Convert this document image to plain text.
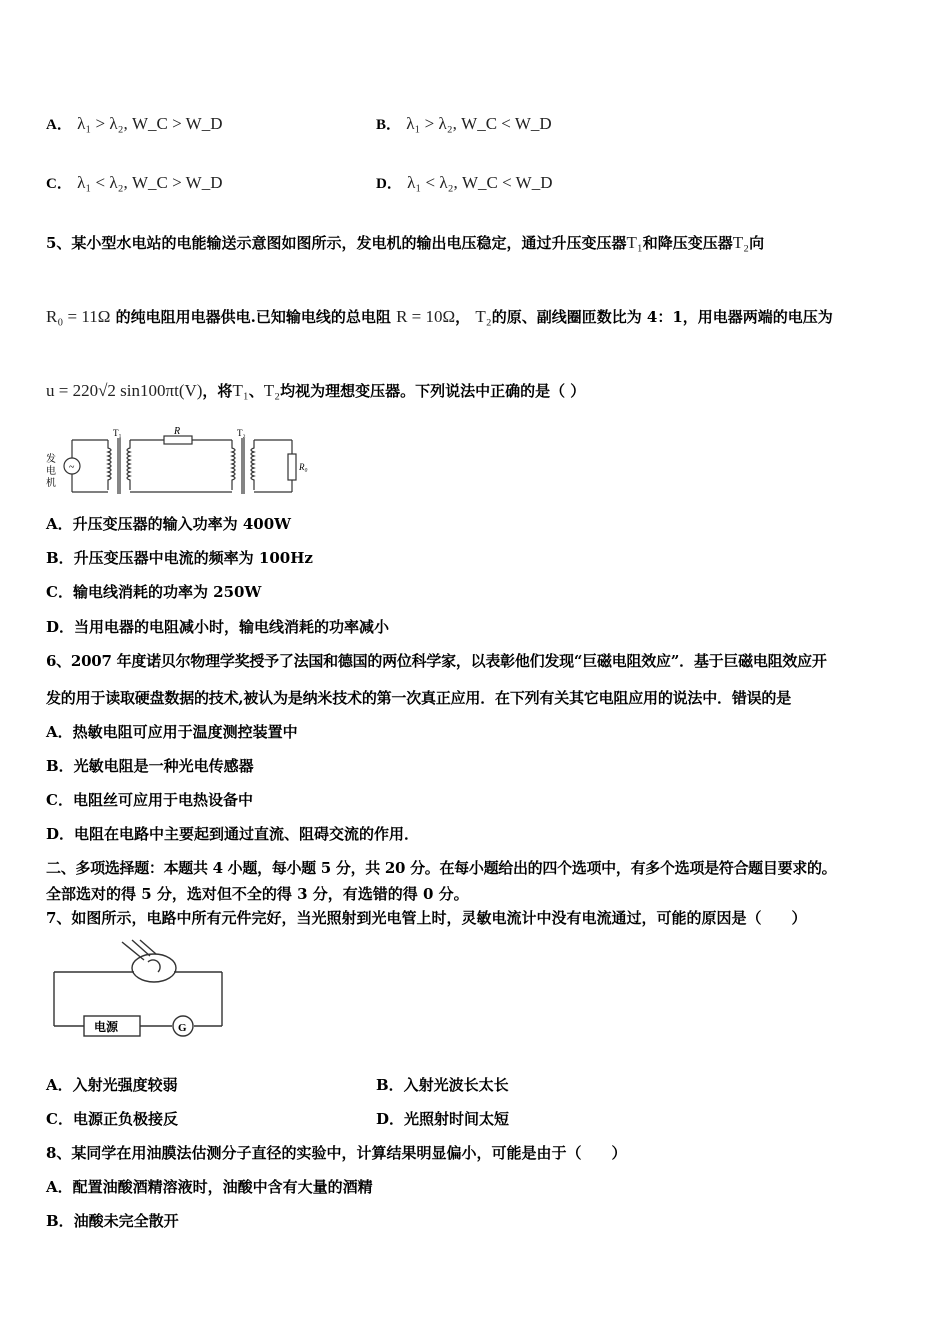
A． λ₁ > λ₂, W_C > W_D	B． λ₁ > λ₂, W_C < W_D
C． λ₁ < λ₂, W_C > W_D	D． λ₁ < λ₂, W_C < W_D
5、某小型水电站的电能输送示意图如图所示，发电机的输出电压稳定，通过升压变压器T₁和降压变压器T₂向
R₀ = 11Ω 的纯电阻用电器供电.已知输电线的总电阻 R = 10Ω， T₂的原、副线圈匝数比为 4：1，用电器两端的电压为
u = 220√2 sin100πt(V)，将T₁、T₂均视为理想变压器。下列说法中正确的是（ ）
~
发
电
机
T₁	T₂
R
R₀
A．升压变压器的输入功率为 400W
B．升压变压器中电流的频率为 100Hz
C．输电线消耗的功率为 250W
D．当用电器的电阻减小时，输电线消耗的功率减小
6、2007 年度诺贝尔物理学奖授予了法国和德国的两位科学家，以表彰他们发现“巨磁电阻效应”．基于巨磁电阻效应开
发的用于读取硬盘数据的技术,被认为是纳米技术的第一次真正应用．在下列有关其它电阻应用的说法中．错误的是
A．热敏电阻可应用于温度测控装置中
B．光敏电阻是一种光电传感器
C．电阻丝可应用于电热设备中
D．电阻在电路中主要起到通过直流、阻碍交流的作用．
二、多项选择题：本题共 4 小题，每小题 5 分，共 20 分。在每小题给出的四个选项中，有多个选项是符合题目要求的。
全部选对的得 5 分，选对但不全的得 3 分，有选错的得 0 分。
7、如图所示，电路中所有元件完好，当光照射到光电管上时，灵敏电流计中没有电流通过，可能的原因是（　　）
电源	G
A．入射光强度较弱	B．入射光波长太长
C．电源正负极接反	D．光照射时间太短
8、某同学在用油膜法估测分子直径的实验中，计算结果明显偏小，可能是由于（　　）
A．配置油酸酒精溶液时，油酸中含有大量的酒精
B．油酸未完全散开
